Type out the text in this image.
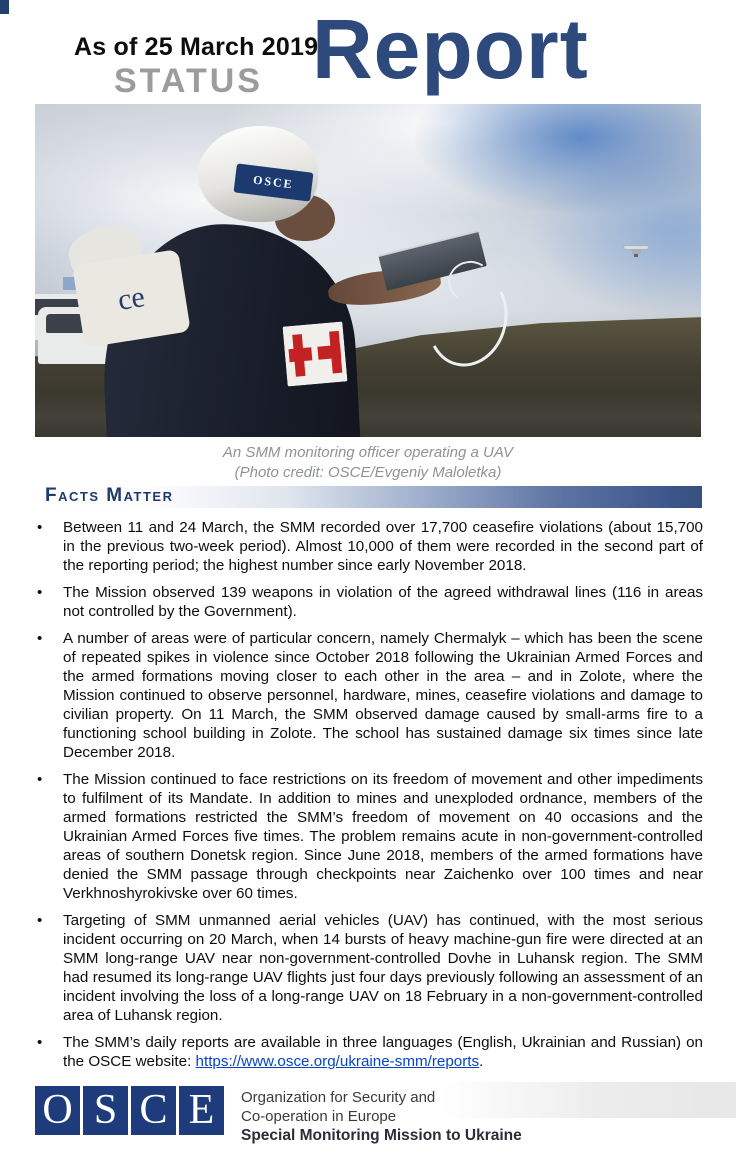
As of 25 March 2019
STATUS Report
OSCE
ce
An SMM monitoring officer operating a UAV
(Photo credit: OSCE/Evgeniy Maloletka)
Facts Matter
•	Between 11 and 24 March, the SMM recorded over 17,700 ceasefire violations (about 15,700 in the previous two-week period). Almost 10,000 of them were recorded in the second part of the reporting period; the highest number since early November 2018.
•	The Mission observed 139 weapons in violation of the agreed withdrawal lines (116 in areas not controlled by the Government).
•	A number of areas were of particular concern, namely Chermalyk – which has been the scene of repeated spikes in violence since October 2018 following the Ukrainian Armed Forces and the armed formations moving closer to each other in the area – and in Zolote, where the Mission continued to observe personnel, hardware, mines, ceasefire violations and damage to civilian property. On 11 March, the SMM observed damage caused by small-arms fire to a functioning school building in Zolote. The school has sustained damage six times since late December 2018.
•	The Mission continued to face restrictions on its freedom of movement and other impediments to fulfilment of its Mandate. In addition to mines and unexploded ordnance, members of the armed formations restricted the SMM’s freedom of movement on 40 occasions and the Ukrainian Armed Forces five times. The problem remains acute in non-government-controlled areas of southern Donetsk region. Since June 2018, members of the armed formations have denied the SMM passage through checkpoints near Zaichenko over 100 times and near Verkhnoshyrokivske over 60 times.
•	Targeting of SMM unmanned aerial vehicles (UAV) has continued, with the most serious incident occurring on 20 March, when 14 bursts of heavy machine-gun fire were directed at an SMM long-range UAV near non-government-controlled Dovhe in Luhansk region. The SMM had resumed its long-range UAV flights just four days previously following an assessment of an incident involving the loss of a long-range UAV on 18 February in a non-government-controlled area of Luhansk region.
•	The SMM’s daily reports are available in three languages (English, Ukrainian and Russian) on the OSCE website: https://www.osce.org/ukraine-smm/reports.
O S C E	Organization for Security and
Co-operation in Europe
Special Monitoring Mission to Ukraine
